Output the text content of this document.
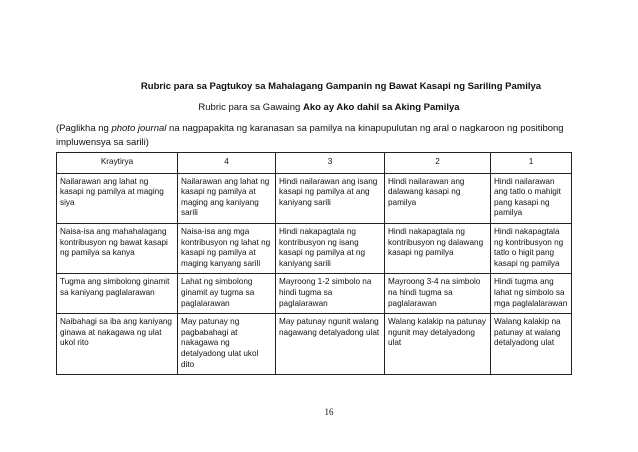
Rubric para sa Pagtukoy sa Mahalagang Gampanin ng Bawat Kasapi ng Sariling Pamilya
Rubric para sa Gawaing Ako ay Ako dahil sa Aking Pamilya
(Paglikha ng photo journal na nagpapakita ng karanasan sa pamilya na kinapupulutan ng aral o nagkaroon ng positibong impluwensya sa sarili)
Kraytirya	4	3	2	1
Nailarawan ang lahat ng kasapi ng pamilya at maging siya	Nailarawan ang lahat ng kasapi ng pamilya at maging ang kaniyang sarili	Hindi nailarawan ang isang kasapi ng pamilya at ang kaniyang sarili	Hindi nailarawan ang dalawang kasapi ng pamilya	Hindi nailarawan ang tatlo o mahigit pang kasapi ng pamilya
Naisa-isa ang mahahalagang kontribusyon ng bawat kasapi ng pamilya sa kanya	Naisa-isa ang mga kontribusyon ng lahat ng kasapi ng pamilya at maging kanyang sarili	Hindi nakapagtala ng kontribusyon ng isang kasapi ng pamilya at ng kaniyang sarili	Hindi nakapagtala ng kontribusyon ng dalawang kasapi ng pamilya	Hindi nakapagtala ng kontribusyon ng tatlo o higit pang kasapi ng pamilya
Tugma ang simbolong ginamit sa kaniyang paglalarawan	Lahat ng simbolong ginamit ay tugma sa paglalarawan	Mayroong 1-2 simbolo na hindi tugma sa paglalarawan	Mayroong 3-4 na simbolo na hindi tugma sa paglalarawan	Hindi tugma ang lahat ng simbolo sa mga paglalalarawan
Naibahagi sa iba ang kaniyang ginawa at nakagawa ng ulat ukol rito	May patunay ng pagbabahagi at nakagawa ng detalyadong ulat ukol dito	May patunay ngunit walang nagawang detalyadong ulat	Walang kalakip na patunay ngunit may detalyadong ulat	Walang kalakip na patunay at walang detalyadong ulat
16
